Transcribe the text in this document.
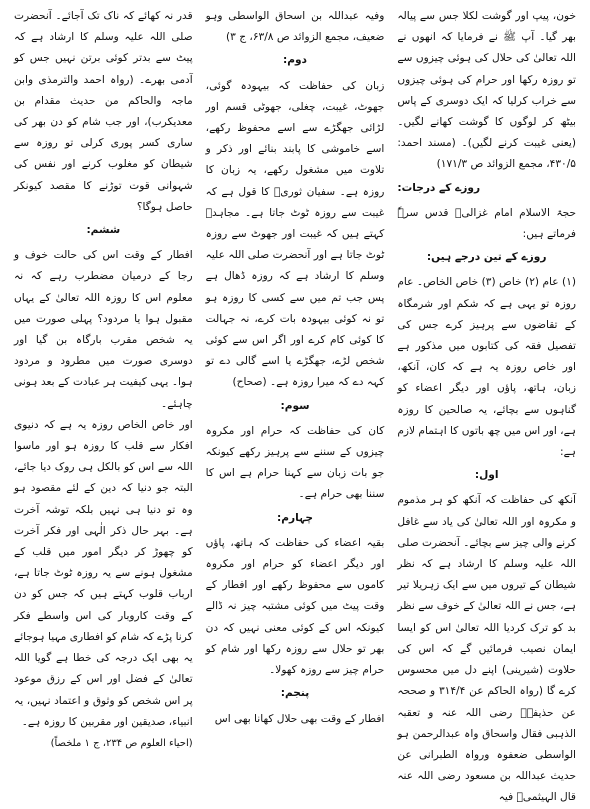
خون، پیپ اور گوشت لکلا جس سے پیالہ بھر گیا۔ آپ ﷺ نے فرمایا کہ انھوں نے اللہ تعالیٰ کی حلال کی ہوئی چیزوں سے تو روزہ رکھا اور حرام کی ہوئی چیزوں سے خراب کرلیا کہ ایک دوسری کے پاس بیٹھ کر لوگوں کا گوشت کھانے لگیں۔ (یعنی غیبت کرنے لگیں)۔ (مسند احمد: ۴۳۰/۵، مجمع الزوائد ص ۱۷۱/۳)

روزے کے درجات:

حجۃ الاسلام امام غزالیؒ قدس سرہٗ فرماتے ہیں:

روزے کے تین درجے ہیں:

(۱) عام (۲) خاص (۳) خاص الخاص۔ عام روزہ تو یہی ہے کہ شکم اور شرمگاہ کے تقاضوں سے پرہیز کرے جس کی تفصیل فقہ کی کتابوں میں مذکور ہے اور خاص روزہ یہ ہے کہ کان، آنکھ، زبان، ہاتھ، پاؤں اور دیگر اعضاء کو گناہوں سے بچائے، یہ صالحین کا روزہ ہے، اور اس میں چھ باتوں کا اہتمام لازم ہے:

اول:

آنکھ کی حفاظت کہ آنکھ کو ہر مذموم و مکروہ اور اللہ تعالیٰ کی یاد سے غافل کرنے والی چیز سے بچائے۔ آنحضرت صلی اللہ علیہ وسلم کا ارشاد ہے کہ نظر شیطان کے تیروں میں سے ایک زہریلا تیر ہے، جس نے اللہ تعالیٰ کے خوف سے نظر بد کو ترک کردیا اللہ تعالیٰ اس کو ایسا ایمان نصیب فرمائیں گے کہ اس کی حلاوت (شیرینی) اپنے دل میں محسوس کرے گا (رواہ الحاکم عن ۳۱۴/۴ و صححہ عن حذیفہؓ رضی اللہ عنہ و تعقبہ الذہبی فقال واسحاق واہ عبدالرحمن ہو الواسطی ضعفوہ ورواہ الطبرانی عن حدیث عبداللہ بن مسعود رضی اللہ عنہ قال الہیثمیؒ فیہ

وفیہ عبداللہ بن اسحاق الواسطی وہو ضعیف، مجمع الزوائد ص ۶۳/۸، ج ۳)

دوم:

زبان کی حفاظت کہ بیہودہ گوئی، جھوٹ، غیبت، چغلی، جھوٹی قسم اور لڑائی جھگڑے سے اسے محفوظ رکھے، اسے خاموشی کا پابند بنائے اور ذکر و تلاوت میں مشغول رکھے، یہ زبان کا روزہ ہے۔ سفیان ثوریؒ کا قول ہے کہ غیبت سے روزہ ٹوٹ جاتا ہے۔ مجاہدؒ کہتے ہیں کہ غیبت اور جھوٹ سے روزہ ٹوٹ جاتا ہے اور آنحضرت صلی اللہ علیہ وسلم کا ارشاد ہے کہ روزہ ڈھال ہے پس جب تم میں سے کسی کا روزہ ہو تو نہ کوئی بیہودہ بات کرے، نہ جہالت کا کوئی کام کرے اور اگر اس سے کوئی شخص لڑے، جھگڑے یا اسے گالی دے تو کہہ دے کہ میرا روزہ ہے۔ (صحاح)

سوم:

کان کی حفاظت کہ حرام اور مکروہ چیزوں کے سننے سے پرہیز رکھے کیونکہ جو بات زبان سے کہنا حرام ہے اس کا سننا بھی حرام ہے۔

چہارم:

بقیہ اعضاء کی حفاظت کہ ہاتھ، پاؤں اور دیگر اعضاء کو حرام اور مکروہ کاموں سے محفوظ رکھے اور افطار کے وقت پیٹ میں کوئی مشتبہ چیز نہ ڈالے کیونکہ اس کے کوئی معنی نہیں کہ دن بھر تو حلال سے روزہ رکھا اور شام کو حرام چیز سے روزہ کھولا۔

پنجم:

افطار کے وقت بھی حلال کھانا بھی اس

قدر نہ کھائے کہ ناک تک آجائے۔ آنحضرت صلی اللہ علیہ وسلم کا ارشاد ہے کہ پیٹ سے بدتر کوئی برتن نہیں جس کو آدمی بھرے۔ (رواہ احمد والترمذی وابن ماجہ والحاکم من حدیث مقدام بن معدیکرب)، اور جب شام کو دن بھر کی ساری کسر پوری کرلی تو روزہ سے شیطان کو مغلوب کرنے اور نفس کی شہوانی قوت توڑنے کا مقصد کیونکر حاصل ہوگا؟

ششم:

افطار کے وقت اس کی حالت خوف و رجا کے درمیان مضطرب رہے کہ نہ معلوم اس کا روزہ اللہ تعالیٰ کے یہاں مقبول ہوا یا مردود؟ پہلی صورت میں یہ شخص مقرب بارگاہ بن گیا اور دوسری صورت میں مطرود و مردود ہوا۔ یہی کیفیت ہر عبادت کے بعد ہونی چاہئے۔

اور خاص الخاص روزہ یہ ہے کہ دنیوی افکار سے قلب کا روزہ ہو اور ماسوا اللہ سے اس کو بالکل ہی روک دیا جائے، البتہ جو دنیا کہ دین کے لئے مقصود ہو وہ تو دنیا ہی نہیں بلکہ توشہ آخرت ہے۔ بہر حال ذکر الٰہی اور فکر آخرت کو چھوڑ کر دیگر امور میں قلب کے مشغول ہونے سے یہ روزہ ٹوٹ جاتا ہے، ارباب قلوب کہتے ہیں کہ جس کو دن کے وقت کاروبار کی اس واسطے فکر کرنا پڑے کہ شام کو افطاری مہیا ہوجائے یہ بھی ایک درجہ کی خطا ہے گویا اللہ تعالیٰ کے فضل اور اس کے رزق موعود پر اس شخص کو وثوق و اعتماد نہیں، یہ انبیاء، صدیقین اور مقربین کا روزہ ہے۔

(احیاء العلوم ص ۲۳۴، ج ۱ ملخصاً)
